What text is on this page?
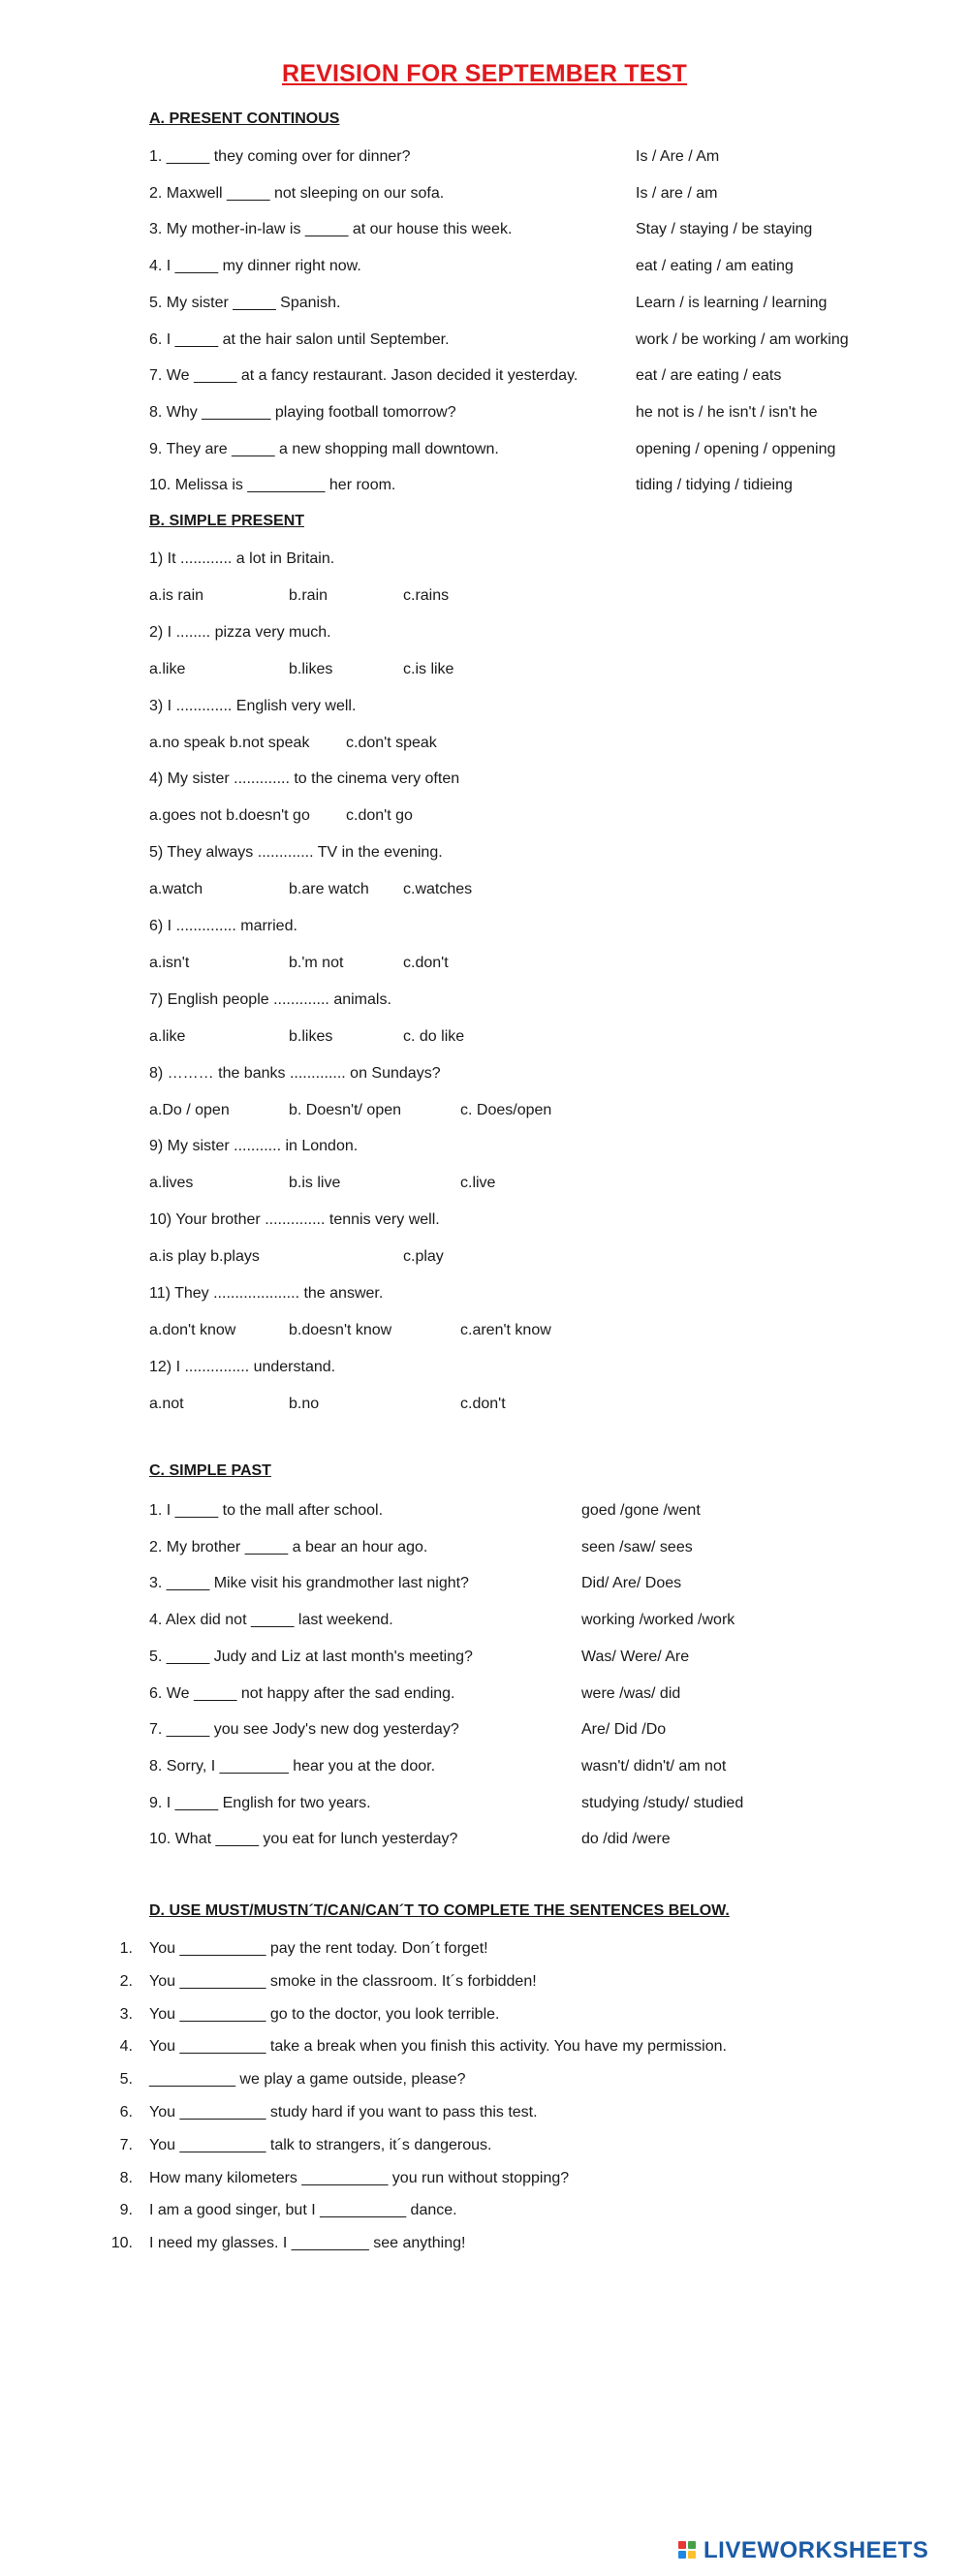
REVISION FOR SEPTEMBER TEST
A. PRESENT CONTINOUS
1. _____ they coming over for dinner?	Is / Are / Am
2. Maxwell _____ not sleeping on our sofa.	Is / are / am
3. My mother-in-law is _____ at our house this week.	Stay / staying / be staying
4. I _____ my dinner right now.	eat / eating / am eating
5. My sister _____ Spanish.	Learn / is learning / learning
6. I _____ at the hair salon until September.	work / be working / am working
7. We _____ at a fancy restaurant. Jason decided it yesterday.	eat / are eating / eats
8. Why ________ playing football tomorrow?	he not is / he isn't / isn't he
9. They are _____ a new shopping mall downtown.	opening / opening / oppening
10. Melissa is _________ her room.	tiding / tidying / tidieing
B. SIMPLE PRESENT
1) It ............ a lot in Britain.
a.is rain	b.rain	c.rains
2) I ........ pizza very much.
a.like	b.likes	c.is like
3) I ............. English very well.
a.no speak b.not speak c.don't speak
4) My sister ............. to the cinema very often
a.goes not b.doesn't go c.don't go
5) They always ............. TV in the evening.
a.watch	b.are watch c.watches
6) I .............. married.
a.isn't	b.'m not	c.don't
7) English people ............. animals.
a.like	b.likes	c. do like
8) ……… the banks ............. on Sundays?
a.Do / open	b. Doesn't/ open	c. Does/open
9) My sister ........... in London.
a.lives	b.is live	c.live
10) Your brother .............. tennis very well.
a.is play b.plays	c.play
11) They .................... the answer.
a.don't know	b.doesn't know	c.aren't know
12) I ............... understand.
a.not	b.no	c.don't
C. SIMPLE PAST
1. I _____ to the mall after school.	goed /gone /went
2. My brother _____ a bear an hour ago.	seen /saw/ sees
3. _____ Mike visit his grandmother last night?	Did/ Are/ Does
4. Alex did not _____ last weekend.	working /worked /work
5. _____ Judy and Liz at last month's meeting?	Was/ Were/ Are
6. We _____ not happy after the sad ending.	were /was/ did
7. _____ you see Jody's new dog yesterday?	Are/ Did /Do
8. Sorry, I ________ hear you at the door.	wasn't/ didn't/ am not
9. I _____ English for two years.	studying /study/ studied
10. What _____ you eat for lunch yesterday?	do /did /were
D. USE MUST/MUSTN´T/CAN/CAN´T TO COMPLETE THE SENTENCES BELOW.
1. You __________ pay the rent today. Don´t forget!
2. You __________ smoke in the classroom. It´s forbidden!
3. You __________ go to the doctor, you look terrible.
4. You __________ take a break when you finish this activity. You have my permission.
5. __________ we play a game outside, please?
6. You __________ study hard if you want to pass this test.
7. You __________ talk to strangers, it´s dangerous.
8. How many kilometers __________ you run without stopping?
9. I am a good singer, but I __________ dance.
10. I need my glasses. I _________ see anything!
LIVEWORKSHEETS
